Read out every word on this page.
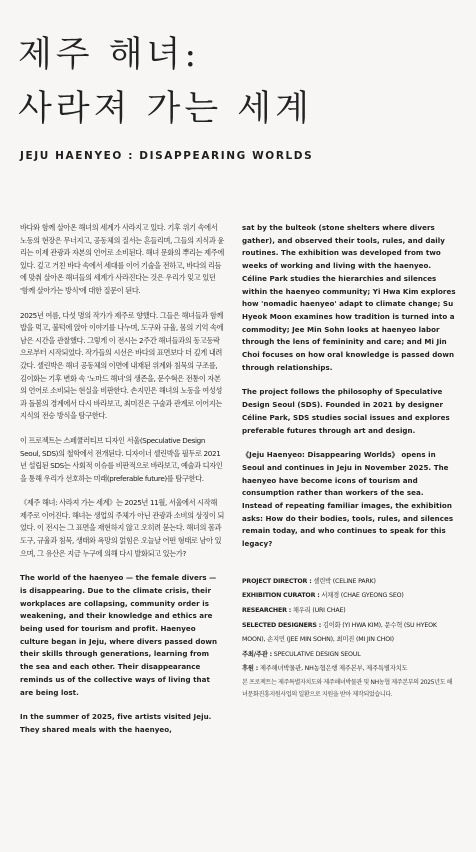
제주 해녀:
사라져 가는 세계
JEJU HAENYEO : DISAPPEARING WORLDS

바다와 함께 살아온 해녀의 세계가 사라지고 있다. 기후 위기 속에서 노동의 현장은 무너지고, 공동체의 질서는 흔들리며, 그들의 지식과 윤리는 이제 관광과 자본의 언어로 소비된다. 해녀 문화의 뿌리는 제주에 있다. 깊고 거친 바다 속에서 세대를 이어 기술을 전하고, 바다의 리듬에 맞춰 살아온 해녀들의 세계가 사라진다는 것은 우리가 잊고 있던 '함께 살아가는 방식'에 대한 질문이 된다.

2025년 여름, 다섯 명의 작가가 제주로 향했다. 그들은 해녀들과 함께 밥을 먹고, 불턱에 앉아 이야기를 나누며, 도구와 규율, 몸의 기억 속에 남은 시간을 관찰했다. 그렇게 이 전시는 2주간 해녀들과의 동고동락으로부터 시작되었다. 작가들의 시선은 바다의 표면보다 더 깊게 내려갔다. 셀린박은 해녀 공동체의 이면에 내재된 위계와 침묵의 구조를, 김이화는 기후 변화 속 '노마드 해녀'의 생존을, 문수혁은 전통이 자본의 언어로 소비되는 현실을 비판한다. 손지민은 해녀의 노동을 여성성과 돌봄의 경계에서 다시 바라보고, 최미진은 구술과 관계로 이어지는 지식의 전승 방식을 탐구한다.

이 프로젝트는 스페큘러티브 디자인 서울(Speculative Design Seoul, SDS)의 철학에서 전개된다. 디자이너 셀린박을 필두로 2021년 설립된 SDS는 사회적 이슈를 비판적으로 바라보고, 예술과 디자인을 통해 우리가 선호하는 미래(preferable future)를 탐구한다.

《제주 해녀: 사라져 가는 세계》는 2025년 11월, 서울에서 시작해 제주로 이어진다. 해녀는 생업의 주체가 아닌 관광과 소비의 상징이 되었다. 이 전시는 그 표면을 재현하지 않고 오히려 묻는다. 해녀의 몸과 도구, 규율과 침묵, 생태와 욕망의 얽힘은 오늘날 어떤 형태로 남아 있으며, 그 유산은 지금 누구에 의해 다시 발화되고 있는가?

The world of the haenyeo — the female divers — is disappearing. Due to the climate crisis, their workplaces are collapsing, community order is weakening, and their knowledge and ethics are being used for tourism and profit. Haenyeo culture began in Jeju, where divers passed down their skills through generations, learning from the sea and each other. Their disappearance reminds us of the collective ways of living that are being lost.

In the summer of 2025, five artists visited Jeju. They shared meals with the haenyeo,

sat by the bulteok (stone shelters where divers gather), and observed their tools, rules, and daily routines. The exhibition was developed from two weeks of working and living with the haenyeo. Céline Park studies the hierarchies and silences within the haenyeo community; Yi Hwa Kim explores how 'nomadic haenyeo' adapt to climate change; Su Hyeok Moon examines how tradition is turned into a commodity; Jee Min Sohn looks at haenyeo labor through the lens of femininity and care; and Mi Jin Choi focuses on how oral knowledge is passed down through relationships.

The project follows the philosophy of Speculative Design Seoul (SDS). Founded in 2021 by designer Céline Park, SDS studies social issues and explores preferable futures through art and design.

《Jeju Haenyeo: Disappearing Worlds》 opens in Seoul and continues in Jeju in November 2025. The haenyeo have become icons of tourism and consumption rather than workers of the sea. Instead of repeating familiar images, the exhibition asks: How do their bodies, tools, rules, and silences remain today, and who continues to speak for this legacy?

PROJECT DIRECTOR : 셀린박 (CELINE PARK)
EXHIBITION CURATOR : 서채경 (CHAE GYEONG SEO)
RESEARCHER : 채우리 (URI CHAE)
SELECTED DESIGNERS : 김이화 (YI HWA KIM), 문수혁 (SU HYEOK MOON), 손지민 (JEE MIN SOHN), 최미진 (MI JIN CHOI)
주최/주관 : SPECULATIVE DESIGN SEOUL
후원 : 제주해녀박물관, NH농협은행 제주본부, 제주특별자치도

본 프로젝트는 제주특별자치도와 제주해녀박물관 및 NH농협 제주본부의 2025년도 해녀문화진흥지원사업의 일환으로 지원을 받아 제작되었습니다.
